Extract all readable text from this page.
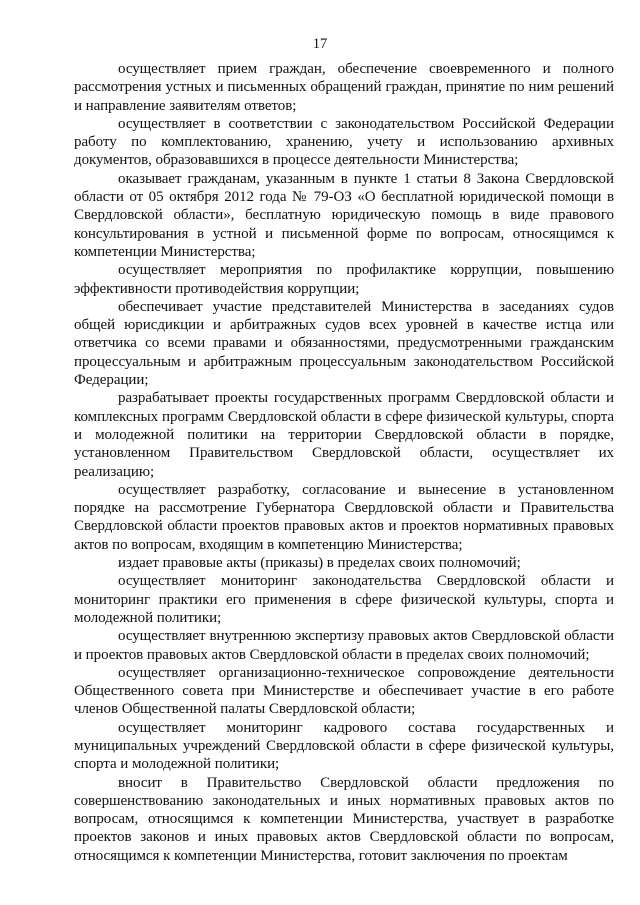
17

осуществляет прием граждан, обеспечение своевременного и полного рассмотрения устных и письменных обращений граждан, принятие по ним решений и направление заявителям ответов;

осуществляет в соответствии с законодательством Российской Федерации работу по комплектованию, хранению, учету и использованию архивных документов, образовавшихся в процессе деятельности Министерства;

оказывает гражданам, указанным в пункте 1 статьи 8 Закона Свердловской области от 05 октября 2012 года № 79-ОЗ «О бесплатной юридической помощи в Свердловской области», бесплатную юридическую помощь в виде правового консультирования в устной и письменной форме по вопросам, относящимся к компетенции Министерства;

осуществляет мероприятия по профилактике коррупции, повышению эффективности противодействия коррупции;

обеспечивает участие представителей Министерства в заседаниях судов общей юрисдикции и арбитражных судов всех уровней в качестве истца или ответчика со всеми правами и обязанностями, предусмотренными гражданским процессуальным и арбитражным процессуальным законодательством Российской Федерации;

разрабатывает проекты государственных программ Свердловской области и комплексных программ Свердловской области в сфере физической культуры, спорта и молодежной политики на территории Свердловской области в порядке, установленном Правительством Свердловской области, осуществляет их реализацию;

осуществляет разработку, согласование и вынесение в установленном порядке на рассмотрение Губернатора Свердловской области и Правительства Свердловской области проектов правовых актов и проектов нормативных правовых актов по вопросам, входящим в компетенцию Министерства;

издает правовые акты (приказы) в пределах своих полномочий;

осуществляет мониторинг законодательства Свердловской области и мониторинг практики его применения в сфере физической культуры, спорта и молодежной политики;

осуществляет внутреннюю экспертизу правовых актов Свердловской области и проектов правовых актов Свердловской области в пределах своих полномочий;

осуществляет организационно-техническое сопровождение деятельности Общественного совета при Министерстве и обеспечивает участие в его работе членов Общественной палаты Свердловской области;

осуществляет мониторинг кадрового состава государственных и муниципальных учреждений Свердловской области в сфере физической культуры, спорта и молодежной политики;

вносит в Правительство Свердловской области предложения по совершенствованию законодательных и иных нормативных правовых актов по вопросам, относящимся к компетенции Министерства, участвует в разработке проектов законов и иных правовых актов Свердловской области по вопросам, относящимся к компетенции Министерства, готовит заключения по проектам
